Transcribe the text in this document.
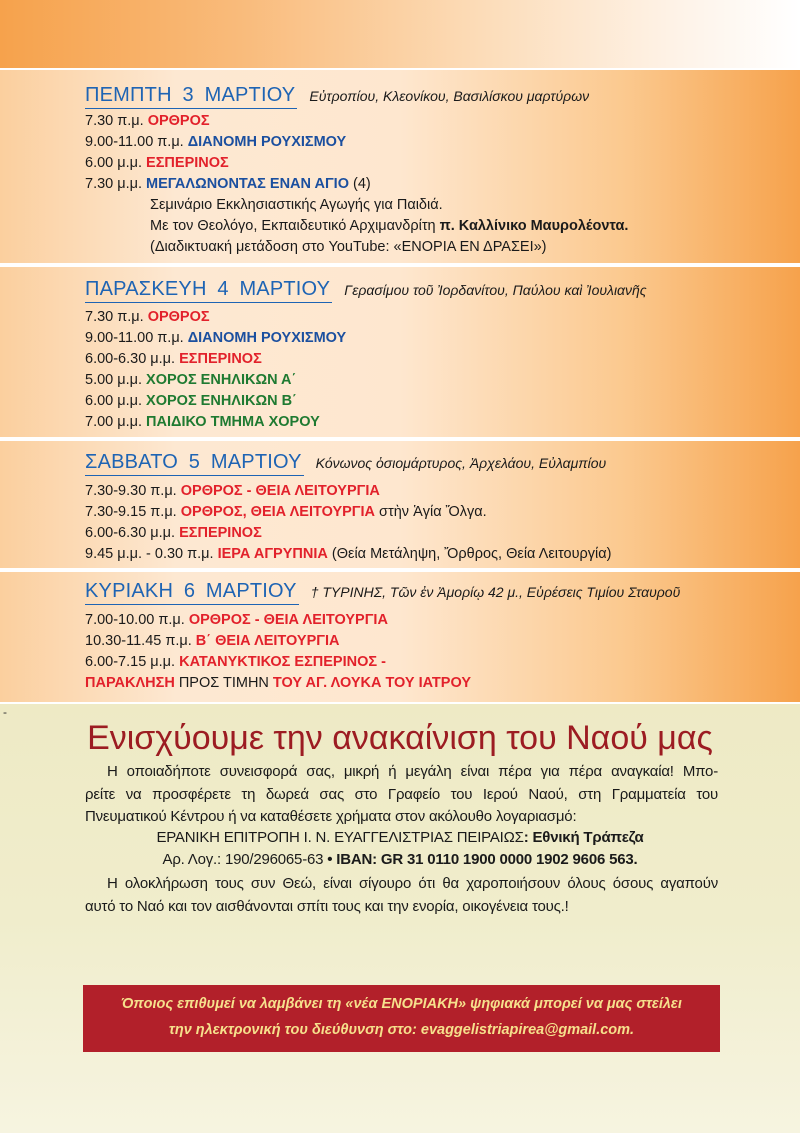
ΠΕΜΠΤΗ 3 ΜΑΡΤΙΟΥ Εὐτροπίου, Κλεονίκου, Βασιλίσκου μαρτύρων
7.30 π.μ. ΟΡΘΡΟΣ
9.00-11.00 π.μ. ΔΙΑΝΟΜΗ ΡΟΥΧΙΣΜΟΥ
6.00 μ.μ. ΕΣΠΕΡΙΝΟΣ
7.30 μ.μ. ΜΕΓΑΛΩΝΟΝΤΑΣ ΕΝΑΝ ΑΓΙΟ (4)
Σεμινάριο Εκκλησιαστικής Αγωγής για Παιδιά.
Με τον Θεολόγο, Εκπαιδευτικό Αρχιμανδρίτη π. Καλλίνικο Μαυρολέοντα.
(Διαδικτυακή μετάδοση στο YouTube: «ΕΝΟΡΙΑ ΕΝ ΔΡΑΣΕΙ»)
ΠΑΡΑΣΚΕΥΗ 4 ΜΑΡΤΙΟΥ Γερασίμου τοῦ Ἰορδανίτου, Παύλου καὶ Ἰουλιανῆς
7.30 π.μ. ΟΡΘΡΟΣ
9.00-11.00 π.μ. ΔΙΑΝΟΜΗ ΡΟΥΧΙΣΜΟΥ
6.00-6.30 μ.μ. ΕΣΠΕΡΙΝΟΣ
5.00 μ.μ. ΧΟΡΟΣ ΕΝΗΛΙΚΩΝ Α΄
6.00 μ.μ. ΧΟΡΟΣ ΕΝΗΛΙΚΩΝ Β΄
7.00 μ.μ. ΠΑΙΔΙΚΟ ΤΜΗΜΑ ΧΟΡΟΥ
ΣΑΒΒΑΤΟ 5 ΜΑΡΤΙΟΥ Κόνωνος ὁσιομάρτυρος, Ἀρχελάου, Εὐλαμπίου
7.30-9.30 π.μ. ΟΡΘΡΟΣ - ΘΕΙΑ ΛΕΙΤΟΥΡΓΙΑ
7.30-9.15 π.μ. ΟΡΘΡΟΣ, ΘΕΙΑ ΛΕΙΤΟΥΡΓΙΑ στὴν Ἁγία Ὄλγα.
6.00-6.30 μ.μ. ΕΣΠΕΡΙΝΟΣ
9.45 μ.μ. - 0.30 π.μ. ΙΕΡΑ ΑΓΡΥΠΝΙΑ (Θεία Μετάληψη, Ὄρθρος, Θεία Λειτουργία)
ΚΥΡΙΑΚΗ 6 ΜΑΡΤΙΟΥ † ΤΥΡΙΝΗΣ, Τῶν ἐν Ἀμορίῳ 42 μ., Εὑρέσεις Τιμίου Σταυροῦ
7.00-10.00 π.μ. ΟΡΘΡΟΣ - ΘΕΙΑ ΛΕΙΤΟΥΡΓΙΑ
10.30-11.45 π.μ. Β΄ ΘΕΙΑ ΛΕΙΤΟΥΡΓΙΑ
6.00-7.15 μ.μ. ΚΑΤΑΝΥΚΤΙΚΟΣ ΕΣΠΕΡΙΝΟΣ -
ΠΑΡΑΚΛΗΣΗ ΠΡΟΣ ΤΙΜΗΝ ΤΟΥ ΑΓ. ΛΟΥΚΑ ΤΟΥ ΙΑΤΡΟΥ
-
Ενισχύουμε την ανακαίνιση του Ναού μας
Η οποιαδήποτε συνεισφορά σας, μικρή ή μεγάλη είναι πέρα για πέρα αναγκαία! Μπο-
ρείτε να προσφέρετε τη δωρεά σας στο Γραφείο του Ιερού Ναού, στη Γραμματεία του
Πνευματικού Κέντρου ή να καταθέσετε χρήματα στον ακόλουθο λογαριασμό:
ΕΡΑΝΙΚΗ ΕΠΙΤΡΟΠΗ Ι. Ν. ΕΥΑΓΓΕΛΙΣΤΡΙΑΣ ΠΕΙΡΑΙΩΣ: Εθνική Τράπεζα
Αρ. Λογ.: 190/296065-63 • IBAN: GR 31 0110 1900 0000 1902 9606 563.
Η ολοκλήρωση τους συν Θεώ, είναι σίγουρο ότι θα χαροποιήσουν όλους όσους αγαπούν
αυτό το Ναό και τον αισθάνονται σπίτι τους και την ενορία, οικογένεια τους.!
Όποιος επιθυμεί να λαμβάνει τη «νέα ΕΝΟΡΙΑΚΗ» ψηφιακά μπορεί να μας στείλει
την ηλεκτρονική του διεύθυνση στο: evaggelistriapirea@gmail.com.
